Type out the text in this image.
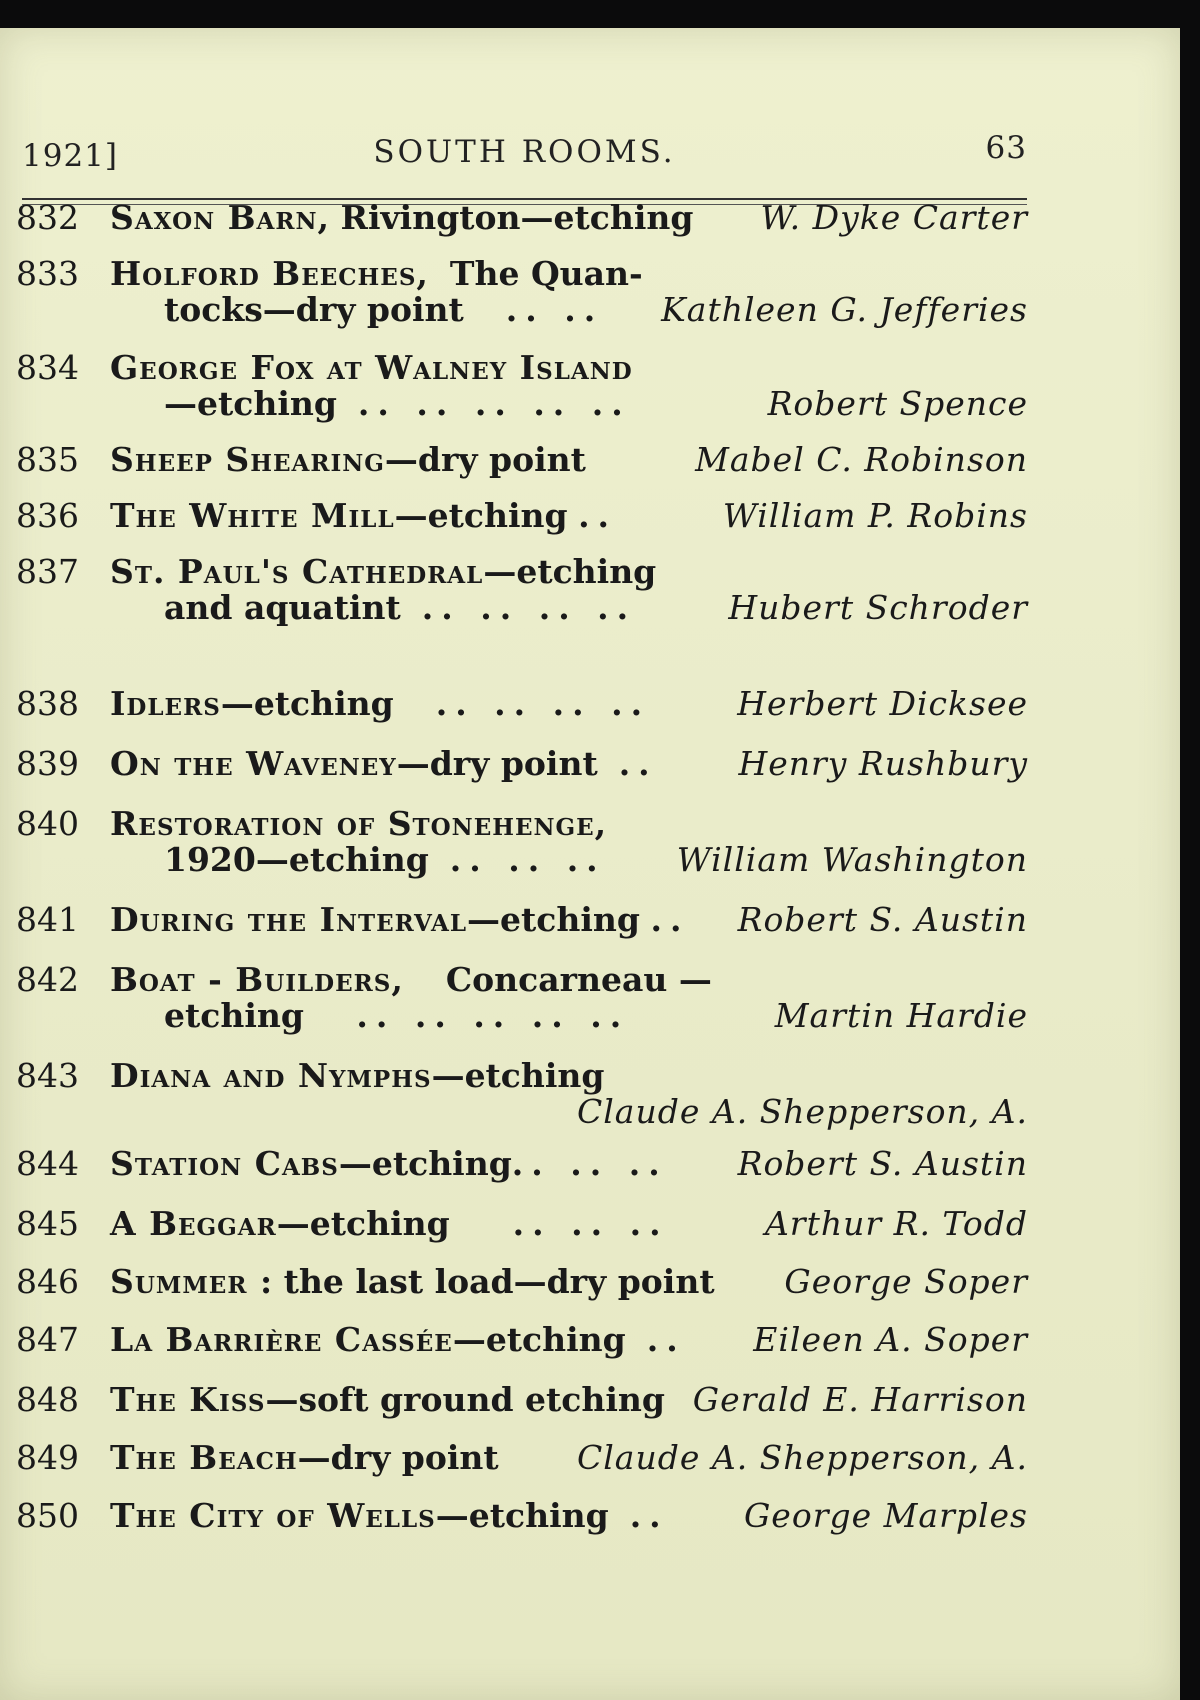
1921]	SOUTH ROOMS.	63
832 Saxon Barn, Rivington—etching W. Dyke Carter
833 Holford Beeches, The Quan-
tocks—dry point .. .. Kathleen G. Jefferies
834 George Fox at Walney Island
—etching .. .. .. .. ..	Robert Spence
835 Sheep Shearing—dry point	Mabel C. Robinson
836 The White Mill—etching ..	William P. Robins
837 St. Paul's Cathedral—etching
and aquatint .. .. .. ..	Hubert Schroder
838 Idlers—etching .. .. .. ..	Herbert Dicksee
839 On the Waveney—dry point .. Henry Rushbury
840 Restoration of Stonehenge,
1920—etching .. .. .. William Washington
841 During the Interval—etching .. Robert S. Austin
842 Boat - Builders, Concarneau —
etching .. .. .. .. ..	Martin Hardie
843 Diana and Nymphs—etching
Claude A. Shepperson, A.
844 Station Cabs—etching.. .. .. Robert S. Austin
845 A Beggar—etching .. .. ..	Arthur R. Todd
846 Summer : the last load—dry point George Soper
847 La Barrière Cassée—etching .. Eileen A. Soper
848 The Kiss—soft ground etching Gerald E. Harrison
849 The Beach—dry point Claude A. Shepperson, A.
850 The City of Wells—etching .. George Marples
